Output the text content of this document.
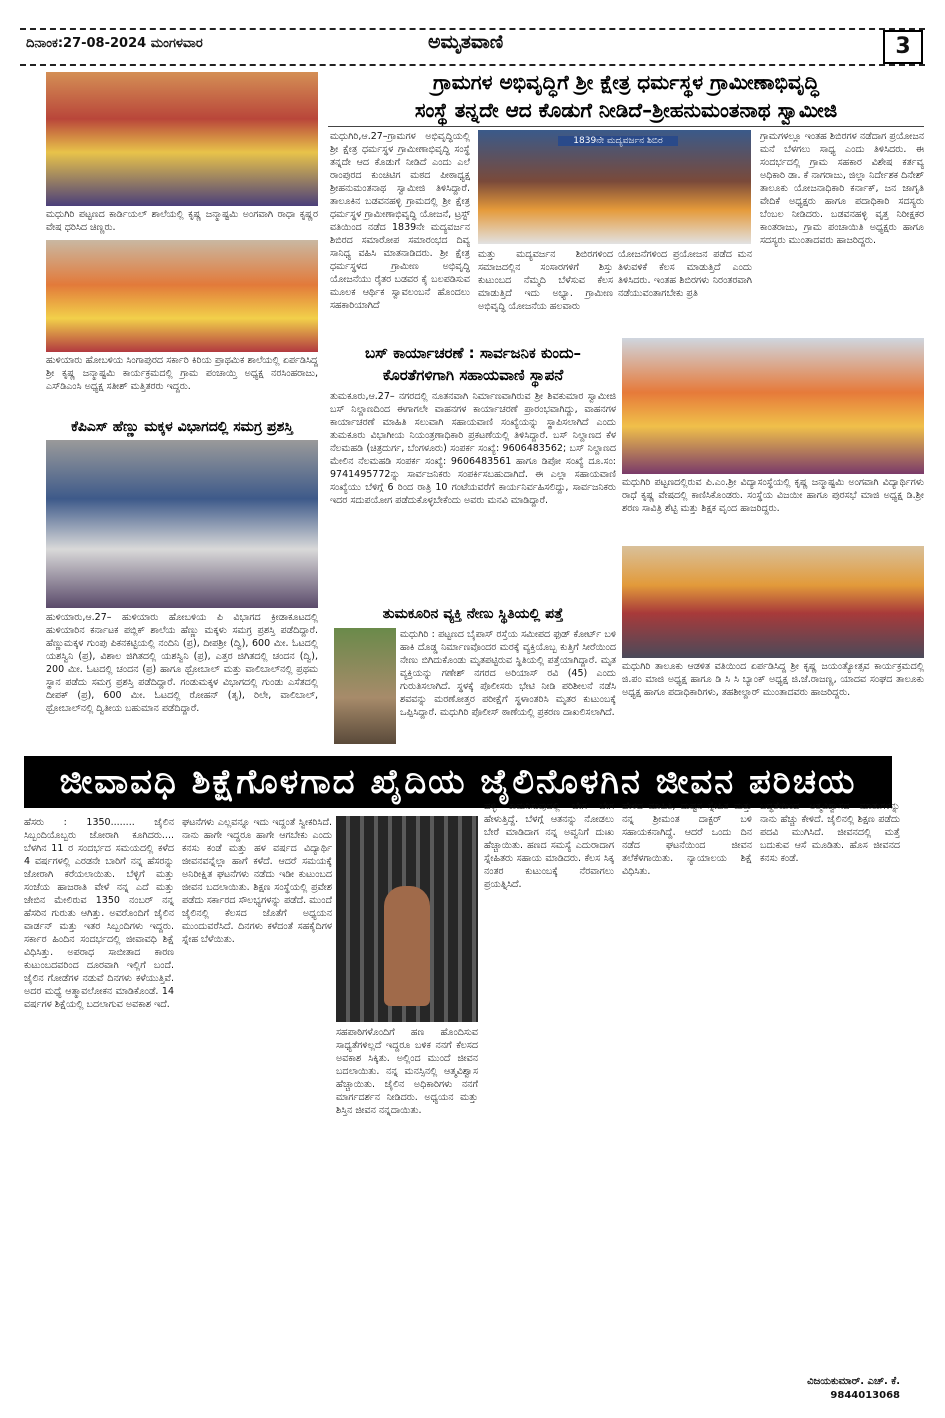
ದಿನಾಂಕ:27-08-2024 ಮಂಗಳವಾರ	ಅಮೃತವಾಣಿ	3
ಮಧುಗಿರಿ ಪಟ್ಟಣದ ಕಾರ್ಡಿಯಲ್ ಶಾಲೆಯಲ್ಲಿ ಕೃಷ್ಣ ಜನ್ಮಾಷ್ಟಮಿ ಅಂಗವಾಗಿ ರಾಧಾ ಕೃಷ್ಣರ ವೇಷ ಧರಿಸಿದ ಚಿಣ್ಣರು.
ಹುಳಿಯಾರು ಹೋಬಳಿಯ ಸಿಂಗಾಪುರದ ಸರ್ಕಾರಿ ಕಿರಿಯ ಪ್ರಾಥಮಿಕ ಶಾಲೆಯಲ್ಲಿ ಏರ್ಪಡಿಸಿದ್ದ ಶ್ರೀ ಕೃಷ್ಣ ಜನ್ಮಾಷ್ಟಮಿ ಕಾರ್ಯಕ್ರಮದಲ್ಲಿ ಗ್ರಾಮ ಪಂಚಾಯ್ತಿ ಅಧ್ಯಕ್ಷ ನರಸಿಂಹರಾಜು, ಎಸ್‌ಡಿಎಂಸಿ ಅಧ್ಯಕ್ಷ ಸತೀಶ್ ಮತ್ತಿತರರು ಇದ್ದರು.
ಕೆಪಿಎಸ್ ಹೆಣ್ಣು ಮಕ್ಕಳ ವಿಭಾಗದಲ್ಲಿ ಸಮಗ್ರ ಪ್ರಶಸ್ತಿ
ಹುಳಿಯಾರು,ಆ.27– ಹುಳಿಯಾರು ಹೋಬಳಿಯ ಪಿ ವಿಭಾಗದ ಕ್ರೀಡಾಕೂಟದಲ್ಲಿ ಹುಳಿಯಾರಿನ ಕರ್ನಾಟಕ ಪಬ್ಲಿಕ್ ಶಾಲೆಯ ಹೆಣ್ಣು ಮಕ್ಕಳು ಸಮಗ್ರ ಪ್ರಶಸ್ತಿ ಪಡೆದಿದ್ದಾರೆ. ಹೆಣ್ಣುಮಕ್ಕಳ ಗುಂಪು ಪಿಕನಕಟ್ಟಿಯಲ್ಲಿ ನಂದಿನಿ (ಪ್ರ), ದೀಪಶ್ರೀ (ದ್ವಿ), 600 ಮೀ. ಓಟದಲ್ಲಿ ಯಶಸ್ವಿನಿ (ಪ್ರ), ವಿಶಾಲ ಜಿಗಿತದಲ್ಲಿ ಯಶಸ್ವಿನಿ (ಪ್ರ), ಎತ್ತರ ಜಿಗಿತದಲ್ಲಿ ಚಂದನ (ದ್ವಿ), 200 ಮೀ. ಓಟದಲ್ಲಿ ಚಂದನ (ಪ್ರ) ಹಾಗೂ ಥ್ರೋಬಾಲ್ ಮತ್ತು ವಾಲಿಬಾಲ್‌ನಲ್ಲಿ ಪ್ರಥಮ ಸ್ಥಾನ ಪಡೆದು ಸಮಗ್ರ ಪ್ರಶಸ್ತಿ ಪಡೆದಿದ್ದಾರೆ. ಗಂಡುಮಕ್ಕಳ ವಿಭಾಗದಲ್ಲಿ ಗುಂಡು ಎಸೆತದಲ್ಲಿ ದೀಪಕ್ (ಪ್ರ), 600 ಮೀ. ಓಟದಲ್ಲಿ ರೋಹನ್ (ತೃ), ರಿಲೇ, ವಾಲಿಬಾಲ್, ಥ್ರೋಬಾಲ್‌ನಲ್ಲಿ ದ್ವಿತೀಯ ಬಹುಮಾನ ಪಡೆದಿದ್ದಾರೆ.
ಗ್ರಾಮಗಳ ಅಭಿವೃದ್ಧಿಗೆ ಶ್ರೀ ಕ್ಷೇತ್ರ ಧರ್ಮಸ್ಥಳ ಗ್ರಾಮೀಣಾಭಿವೃದ್ಧಿ
ಸಂಸ್ಥೆ ತನ್ನದೇ ಆದ ಕೊಡುಗೆ ನೀಡಿದೆ–ಶ್ರೀಹನುಮಂತನಾಥ ಸ್ವಾಮೀಜಿ
ಮಧುಗಿರಿ,ಆ.27–ಗ್ರಾಮಗಳ ಅಭಿವೃದ್ಧಿಯಲ್ಲಿ ಶ್ರೀ ಕ್ಷೇತ್ರ ಧರ್ಮಸ್ಥಳ ಗ್ರಾಮೀಣಾಭಿವೃದ್ಧಿ ಸಂಸ್ಥೆ ತನ್ನದೇ ಆದ ಕೊಡುಗೆ ನೀಡಿದೆ ಎಂದು ಎಲೆ ರಾಂಪುರದ ಕುಂಚಿಟಿಗ ಮಠದ ಪೀಠಾಧ್ಯಕ್ಷ ಶ್ರೀಹನುಮಂತನಾಥ ಸ್ವಾಮೀಜಿ ತಿಳಿಸಿದ್ದಾರೆ. ತಾಲೂಕಿನ ಬಡವನಹಳ್ಳಿ ಗ್ರಾಮದಲ್ಲಿ ಶ್ರೀ ಕ್ಷೇತ್ರ ಧರ್ಮಸ್ಥಳ ಗ್ರಾಮೀಣಾಭಿವೃದ್ಧಿ ಯೋಜನೆ, ಟ್ರಸ್ಟ್ ವತಿಯಿಂದ ನಡೆದ 1839ನೇ ಮದ್ಯವರ್ಜನ ಶಿಬಿರದ ಸಮಾರೋಪ ಸಮಾರಂಭದ ದಿವ್ಯ ಸಾನಿಧ್ಯ ವಹಿಸಿ ಮಾತನಾಡಿದರು. ಶ್ರೀ ಕ್ಷೇತ್ರ ಧರ್ಮಸ್ಥಳದ ಗ್ರಾಮೀಣ ಅಭಿವೃದ್ಧಿ ಯೋಜನೆಯು ರೈತರ ಬಡವರ ಕೈ ಬಲಪಡಿಸುವ ಮೂಲಕ ಆರ್ಥಿಕ ಸ್ವಾವಲಂಬನೆ ಹೊಂದಲು ಸಹಕಾರಿಯಾಗಿದೆ
1839ನೇ ಮದ್ಯವರ್ಜನ ಶಿಬಿರ
ಮತ್ತು ಮದ್ಯವರ್ಜನ ಶಿಬಿರಗಳಿಂದ ಸಮಾಜದಲ್ಲಿನ ಸಂಸಾರಗಳಿಗೆ ಶಿಸ್ತು ಕುಟುಂಬದ ನೆಮ್ಮದಿ ಬೆಳೆಸುವ ಕೆಲಸ ಮಾಡುತ್ತಿದೆ ಇದು ಅಭ್ಯಾ. ಗ್ರಾಮೀಣ ಅಭಿವೃದ್ಧಿ ಯೋಜನೆಯ ಹಲವಾರು
ಯೋಜನೆಗಳಿಂದ ಪ್ರಯೋಜನ ಪಡೆದ ಮನ ತಿಳುವಳಿಕೆ ಕೆಲಸ ಮಾಡುತ್ತಿದೆ ಎಂದು ತಿಳಿಸಿದರು. ಇಂತಹ ಶಿಬಿರಗಳು ನಿರಂತರವಾಗಿ ನಡೆಯುವಂತಾಗಬೇಕು ಪ್ರತಿ
ಗ್ರಾಮಗಳಲ್ಲೂ ಇಂತಹ ಶಿಬಿರಗಳ ನಡೆದಾಗ ಪ್ರಯೋಜನ ಮನೆ ಬೆಳಗಲು ಸಾಧ್ಯ ಎಂದು ತಿಳಿಸಿದರು. ಈ ಸಂದರ್ಭದಲ್ಲಿ ಗ್ರಾಮ ಸಹಕಾರ ವಿಶೇಷ ಕರ್ತವ್ಯ ಅಧಿಕಾರಿ ಡಾ. ಕೆ ನಾಗರಾಜು, ಜಿಲ್ಲಾ ನಿರ್ದೇಶಕ ದಿನೇಶ್ ತಾಲೂಕು ಯೋಜನಾಧಿಕಾರಿ ಕರ್ನಾಕ್, ಜನ ಜಾಗೃತಿ ವೇದಿಕೆ ಅಧ್ಯಕ್ಷರು ಹಾಗೂ ಪದಾಧಿಕಾರಿ ಸದಸ್ಯರು ಬೆಂಬಲ ನೀಡಿದರು. ಬಡವನಹಳ್ಳಿ ವೃತ್ತ ನಿರೀಕ್ಷಕರ ಕಾಂತರಾಜು, ಗ್ರಾಮ ಪಂಚಾಯಿತಿ ಅಧ್ಯಕ್ಷರು ಹಾಗೂ ಸದಸ್ಯರು ಮುಂತಾದವರು ಹಾಜರಿದ್ದರು.
ಬಸ್ ಕಾರ್ಯಾಚರಣೆ : ಸಾರ್ವಜನಿಕ ಕುಂದು–
ಕೊರತೆಗಳಿಗಾಗಿ ಸಹಾಯವಾಣಿ ಸ್ಥಾಪನೆ
ತುಮಕೂರು,ಆ.27– ನಗರದಲ್ಲಿ ನೂತನವಾಗಿ ನಿರ್ಮಾಣವಾಗಿರುವ ಶ್ರೀ ಶಿವಕುಮಾರ ಸ್ವಾಮೀಜಿ ಬಸ್ ನಿಲ್ದಾಣದಿಂದ ಈಗಾಗಲೇ ವಾಹನಗಳ ಕಾರ್ಯಾಚರಣೆ ಪ್ರಾರಂಭವಾಗಿದ್ದು, ವಾಹನಗಳ ಕಾರ್ಯಾಚರಣೆ ಮಾಹಿತಿ ಸಲುವಾಗಿ ಸಹಾಯವಾಣಿ ಸಂಖ್ಯೆಯನ್ನು ಸ್ಥಾಪಿಸಲಾಗಿದೆ ಎಂದು ತುಮಕೂರು ವಿಭಾಗೀಯ ನಿಯಂತ್ರಣಾಧಿಕಾರಿ ಪ್ರಕಟಣೆಯಲ್ಲಿ ತಿಳಿಸಿದ್ದಾರೆ. ಬಸ್ ನಿಲ್ದಾಣದ ಕೆಳ ನೆಲಮಹಡಿ (ಚಿತ್ರದುರ್ಗ, ಬೆಂಗಳೂರು) ಸಂಪರ್ಕ ಸಂಖ್ಯೆ: 9606483562; ಬಸ್ ನಿಲ್ದಾಣದ ಮೇಲಿನ ನೆಲಮಹಡಿ ಸಂಪರ್ಕ ಸಂಖ್ಯೆ: 9606483561 ಹಾಗೂ ಡಿಪೋ ಸಂಖ್ಯೆ ದೂ.ಸಂ: 9741495772ನ್ನು ಸಾರ್ವಜನಿಕರು ಸಂಪರ್ಕಿಸಬಹುದಾಗಿದೆ. ಈ ಎಲ್ಲಾ ಸಹಾಯವಾಣಿ ಸಂಖ್ಯೆಯು ಬೆಳಿಗ್ಗೆ 6 ರಿಂದ ರಾತ್ರಿ 10 ಗಂಟೆಯವರೆಗೆ ಕಾರ್ಯನಿರ್ವಹಿಸಲಿದ್ದು, ಸಾರ್ವಜನಿಕರು ಇದರ ಸದುಪಯೋಗ ಪಡೆದುಕೊಳ್ಳಬೇಕೆಂದು ಅವರು ಮನವಿ ಮಾಡಿದ್ದಾರೆ.
ತುಮಕೂರಿನ ವ್ಯಕ್ತಿ ನೇಣು ಸ್ಥಿತಿಯಲ್ಲಿ ಪತ್ತೆ
ಮಧುಗಿರಿ : ಪಟ್ಟಣದ ಬೈಪಾಸ್ ರಸ್ತೆಯ ಸಮೀಪದ ಫುಡ್ ಕೋರ್ಟ್ ಬಳಿ ಹಾಕಿ ದೊಡ್ಡ ನಿರ್ಮಾಣವೊಂದರ ಮರಕ್ಕೆ ವ್ಯಕ್ತಿಯೊಬ್ಬ ಕುತ್ತಿಗೆ ಸೀರೆಯಿಂದ ನೇಣು ಬಿಗಿದುಕೊಂಡು ಮೃತಪಟ್ಟಿರುವ ಸ್ಥಿತಿಯಲ್ಲಿ ಪತ್ತೆಯಾಗಿದ್ದಾರೆ. ಮೃತ ವ್ಯಕ್ತಿಯನ್ನು ಗಣೇಶ್ ನಗರದ ಅರಿಯಾಸ್ ರವಿ (45) ಎಂದು ಗುರುತಿಸಲಾಗಿದೆ. ಸ್ಥಳಕ್ಕೆ ಪೊಲೀಸರು ಭೇಟಿ ನೀಡಿ ಪರಿಶೀಲನೆ ನಡೆಸಿ ಶವವನ್ನು ಮರಣೋತ್ತರ ಪರೀಕ್ಷೆಗೆ ಸ್ಥಳಾಂತರಿಸಿ ಮೃತರ ಕುಟುಂಬಕ್ಕೆ ಒಪ್ಪಿಸಿದ್ದಾರೆ. ಮಧುಗಿರಿ ಪೊಲೀಸ್ ಠಾಣೆಯಲ್ಲಿ ಪ್ರಕರಣ ದಾಖಲಿಸಲಾಗಿದೆ.
ಮಧುಗಿರಿ ಪಟ್ಟಣದಲ್ಲಿರುವ ಪಿ.ಎಂ.ಶ್ರೀ ವಿದ್ಯಾಸಂಸ್ಥೆಯಲ್ಲಿ ಕೃಷ್ಣ ಜನ್ಮಾಷ್ಟಮಿ ಅಂಗವಾಗಿ ವಿದ್ಯಾರ್ಥಿಗಳು ರಾಧೆ ಕೃಷ್ಣ ವೇಷದಲ್ಲಿ ಕಾಣಿಸಿಕೊಂಡರು. ಸಂಸ್ಥೆಯ ವಿಜಯೀ ಹಾಗೂ ಪುರಸಭೆ ಮಾಜಿ ಅಧ್ಯಕ್ಷ ಡಿ.ಶ್ರೀ ಶರಣ ಸಾವಿತ್ರಿ ಶೆಟ್ಟಿ ಮತ್ತು ಶಿಕ್ಷಕ ವೃಂದ ಹಾಜರಿದ್ದರು.
ಮಧುಗಿರಿ ತಾಲೂಕು ಆಡಳಿತ ವತಿಯಿಂದ ಏರ್ಪಡಿಸಿದ್ದ ಶ್ರೀ ಕೃಷ್ಣ ಜಯಂತ್ಯೋತ್ಸವ ಕಾರ್ಯಕ್ರಮದಲ್ಲಿ ಜಿ.ಪಂ ಮಾಜಿ ಅಧ್ಯಕ್ಷ ಹಾಗೂ ಡಿ ಸಿ ಸಿ ಬ್ಯಾಂಕ್ ಅಧ್ಯಕ್ಷ ಜಿ.ಜೆ.ರಾಜಣ್ಣ, ಯಾದವ ಸಂಘದ ತಾಲೂಕು ಅಧ್ಯಕ್ಷ ಹಾಗೂ ಪದಾಧಿಕಾರಿಗಳು, ತಹಶೀಲ್ದಾರ್ ಮುಂತಾದವರು ಹಾಜರಿದ್ದರು.
ಜೀವಾವಧಿ ಶಿಕ್ಷೆಗೊಳಗಾದ ಖೈದಿಯ ಜೈಲಿನೊಳಗಿನ ಜೀವನ ಪರಿಚಯ
ಹೆಸರು : 1350........ ಜೈಲಿನ ಸಿಬ್ಬಂದಿಯೊಬ್ಬರು ಜೋರಾಗಿ ಕೂಗಿದರು.... ಬೆಳಗಿನ 11 ರ ಸಂದರ್ಭದ ಸಮಯದಲ್ಲಿ ಕಳೆದ 4 ವರ್ಷಗಳಲ್ಲಿ ಎರಡನೇ ಬಾರಿಗೆ ನನ್ನ ಹೆಸರನ್ನು ಜೋರಾಗಿ ಕರೆಯಲಾಯಿತು. ಬೆಳ್ಳಿಗೆ ಮತ್ತು ಸಂಜೆಯ ಹಾಜರಾತಿ ವೇಳೆ ನನ್ನ ಎದೆ ಮತ್ತು ಜೇಬಿನ ಮೇಲಿರುವ 1350 ನಂಬರ್ ನನ್ನ ಹೆಸರಿನ ಗುರುತು ಆಗಿತ್ತು. ಅವರೊಂದಿಗೆ ಜೈಲಿನ ವಾರ್ಡನ್ ಮತ್ತು ಇತರ ಸಿಬ್ಬಂದಿಗಳು ಇದ್ದರು. ಸರ್ಕಾರ ಹಿಂದಿನ ಸಂದರ್ಭದಲ್ಲಿ ಜೀವಾವಧಿ ಶಿಕ್ಷೆ ವಿಧಿಸಿತ್ತು. ಅಪರಾಧ ಸಾಬೀತಾದ ಕಾರಣ ಕುಟುಂಬದವರಿಂದ ದೂರವಾಗಿ ಇಲ್ಲಿಗೆ ಬಂದೆ. ಜೈಲಿನ ಗೋಡೆಗಳ ನಡುವೆ ದಿನಗಳು ಕಳೆಯುತ್ತಿವೆ. ಅದರ ಮಧ್ಯೆ ಆತ್ಮಾವಲೋಕನ ಮಾಡಿಕೊಂಡೆ. 14 ವರ್ಷಗಳ ಶಿಕ್ಷೆಯಲ್ಲಿ ಬದಲಾಗುವ ಅವಕಾಶ ಇದೆ.
ಘಟನೆಗಳು ಎಲ್ಲವನ್ನೂ ಇದು ಇದ್ದಂತೆ ಸ್ವೀಕರಿಸಿದೆ. ನಾನು ಹಾಗೇ ಇದ್ದರೂ ಹಾಗೇ ಆಗಬೇಕು ಎಂದು ಕನಸು ಕಂಡೆ ಮತ್ತು ಹಳ ವರ್ಷದ ವಿದ್ಯಾರ್ಥಿ ಜೀವನವನ್ನೆಲ್ಲಾ ಹಾಗೆ ಕಳೆದೆ. ಆದರೆ ಸಮಯಕ್ಕೆ ಅನಿರೀಕ್ಷಿತ ಘಟನೆಗಳು ನಡೆದು ಇಡೀ ಕುಟುಂಬದ ಜೀವನ ಬದಲಾಯಿತು. ಶಿಕ್ಷಣ ಸಂಸ್ಥೆಯಲ್ಲಿ ಪ್ರವೇಶ ಪಡೆದು ಸರ್ಕಾರದ ಸೌಲಭ್ಯಗಳನ್ನು ಪಡೆದೆ. ಮುಂದೆ ಜೈಲಿನಲ್ಲಿ ಕೆಲಸದ ಜೊತೆಗೆ ಅಧ್ಯಯನ ಮುಂದುವರೆಸಿದೆ. ದಿನಗಳು ಕಳೆದಂತೆ ಸಹಕೈದಿಗಳ ಸ್ನೇಹ ಬೆಳೆಯಿತು.
ಸಹಪಾಠಿಗಳೊಂದಿಗೆ ಹಣ ಹೊಂದಿಸುವ ಸಾಧ್ಯತೆಗಳಿಲ್ಲದೆ ಇದ್ದರೂ ಬಳಿಕ ನನಗೆ ಕೆಲಸದ ಅವಕಾಶ ಸಿಕ್ಕಿತು. ಅಲ್ಲಿಂದ ಮುಂದೆ ಜೀವನ ಬದಲಾಯಿತು. ನನ್ನ ಮನಸ್ಸಿನಲ್ಲಿ ಆತ್ಮವಿಶ್ವಾಸ ಹೆಚ್ಚಾಯಿತು. ಜೈಲಿನ ಅಧಿಕಾರಿಗಳು ನನಗೆ ಮಾರ್ಗದರ್ಶನ ನೀಡಿದರು. ಅಧ್ಯಯನ ಮತ್ತು ಶಿಸ್ತಿನ ಜೀವನ ನನ್ನದಾಯಿತು.
ಹಳ್ಳಿ ಕಾಮನಿಸುವುದಲ್ಲಿ ಬೇಗ ಬೇಗ ಹೇಳುತ್ತಿದ್ದೆ. ಬೆಳಗ್ಗೆ ಆತನನ್ನು ನೋಡಲು ಬೇರೆ ಮಾಡಿದಾಗ ನನ್ನ ಅವ್ವನಿಗೆ ದುಃಖ ಹೆಚ್ಚಾಯಿತು. ಹಣದ ಸಮಸ್ಯೆ ಎದುರಾದಾಗ ಸ್ನೇಹಿತರು ಸಹಾಯ ಮಾಡಿದರು. ಕೆಲಸ ಸಿಕ್ಕ ನಂತರ ಕುಟುಂಬಕ್ಕೆ ನೆರವಾಗಲು ಪ್ರಯತ್ನಿಸಿದೆ.
ಹೇಳಿದ ಮಾಹಿತಿ, ದುಷ್ಟನ ಸ್ನೇಹಿತ ಮತ್ತು ನನ್ನ ಶ್ರೀಮಂತ ದಾಕ್ಟರ್ ಬಳಿ ಸಹಾಯಕನಾಗಿದ್ದೆ. ಆದರೆ ಒಂದು ದಿನ ನಡೆದ ಘಟನೆಯಿಂದ ಜೀವನ ತಲೆಕೆಳಗಾಯಿತು. ನ್ಯಾಯಾಲಯ ಶಿಕ್ಷೆ ವಿಧಿಸಿತು.
ಬದ್ಧತೆಯಿಂದ ಆತ್ಮವಿಶ್ವಾಸದ ಮಾತುಗಳನ್ನು ನಾನು ಹೆಚ್ಚು ಕೇಳಿದೆ. ಜೈಲಿನಲ್ಲಿ ಶಿಕ್ಷಣ ಪಡೆದು ಪದವಿ ಮುಗಿಸಿದೆ. ಜೀವನದಲ್ಲಿ ಮತ್ತೆ ಬದುಕುವ ಆಸೆ ಮೂಡಿತು. ಹೊಸ ಜೀವನದ ಕನಸು ಕಂಡೆ.
ವಿಜಯಕುಮಾರ್. ಎಚ್. ಕೆ.
9844013068
